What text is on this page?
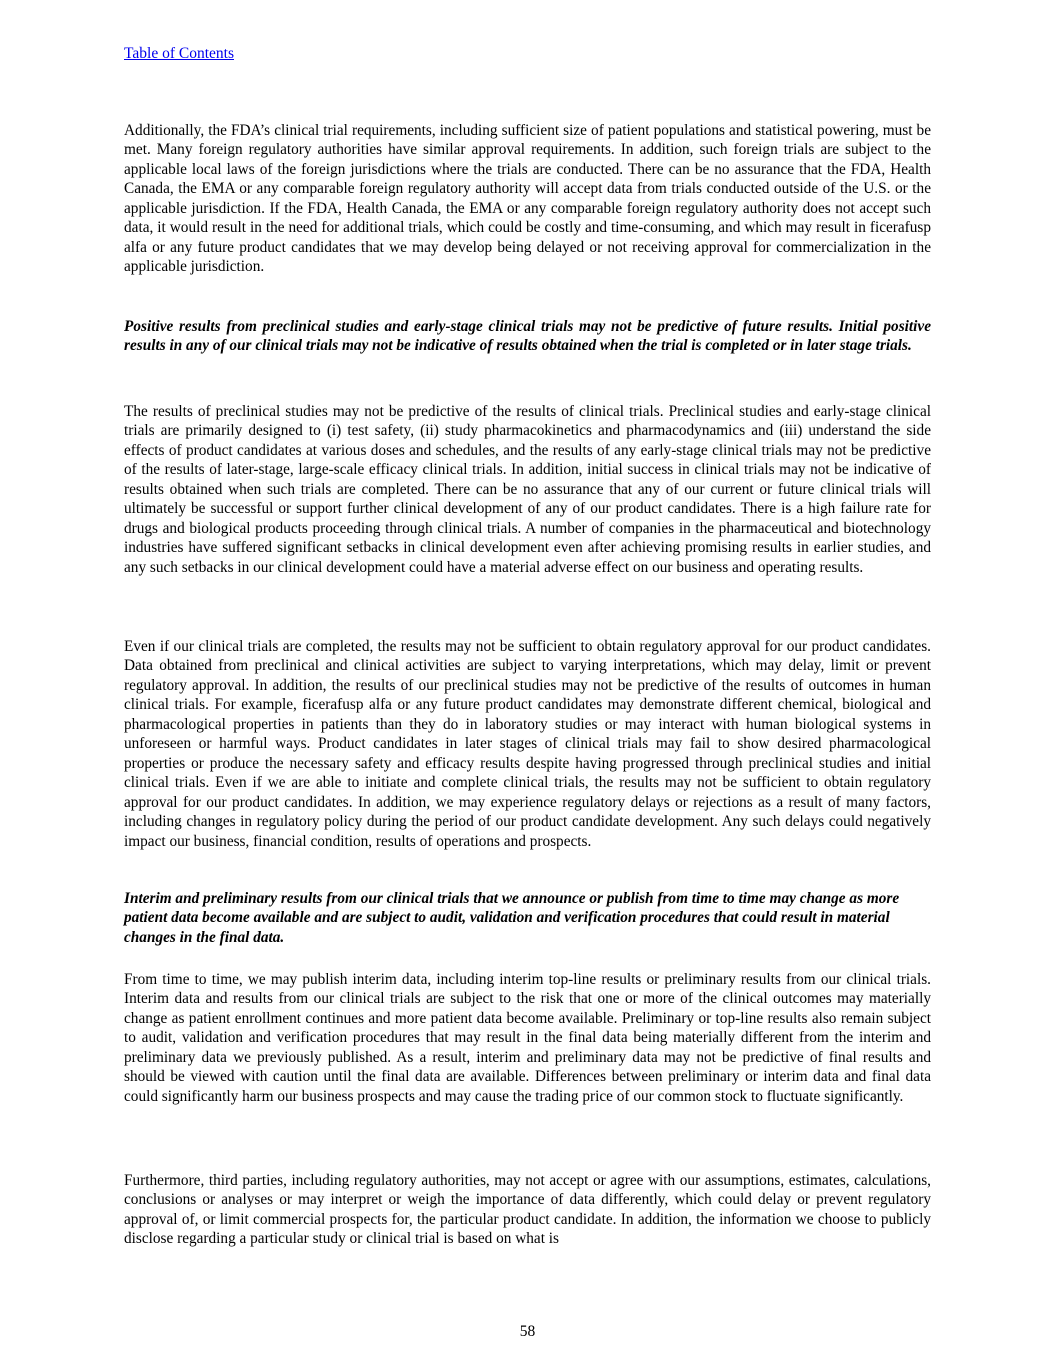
Table of Contents

Additionally, the FDA’s clinical trial requirements, including sufficient size of patient populations and statistical powering, must be met. Many foreign regulatory authorities have similar approval requirements. In addition, such foreign trials are subject to the applicable local laws of the foreign jurisdictions where the trials are conducted. There can be no assurance that the FDA, Health Canada, the EMA or any comparable foreign regulatory authority will accept data from trials conducted outside of the U.S. or the applicable jurisdiction. If the FDA, Health Canada, the EMA or any comparable foreign regulatory authority does not accept such data, it would result in the need for additional trials, which could be costly and time-consuming, and which may result in ficerafusp alfa or any future product candidates that we may develop being delayed or not receiving approval for commercialization in the applicable jurisdiction.

Positive results from preclinical studies and early-stage clinical trials may not be predictive of future results. Initial positive results in any of our clinical trials may not be indicative of results obtained when the trial is completed or in later stage trials.

The results of preclinical studies may not be predictive of the results of clinical trials. Preclinical studies and early-stage clinical trials are primarily designed to (i) test safety, (ii) study pharmacokinetics and pharmacodynamics and (iii) understand the side effects of product candidates at various doses and schedules, and the results of any early-stage clinical trials may not be predictive of the results of later-stage, large-scale efficacy clinical trials. In addition, initial success in clinical trials may not be indicative of results obtained when such trials are completed. There can be no assurance that any of our current or future clinical trials will ultimately be successful or support further clinical development of any of our product candidates. There is a high failure rate for drugs and biological products proceeding through clinical trials. A number of companies in the pharmaceutical and biotechnology industries have suffered significant setbacks in clinical development even after achieving promising results in earlier studies, and any such setbacks in our clinical development could have a material adverse effect on our business and operating results.

Even if our clinical trials are completed, the results may not be sufficient to obtain regulatory approval for our product candidates. Data obtained from preclinical and clinical activities are subject to varying interpretations, which may delay, limit or prevent regulatory approval. In addition, the results of our preclinical studies may not be predictive of the results of outcomes in human clinical trials. For example, ficerafusp alfa or any future product candidates may demonstrate different chemical, biological and pharmacological properties in patients than they do in laboratory studies or may interact with human biological systems in unforeseen or harmful ways. Product candidates in later stages of clinical trials may fail to show desired pharmacological properties or produce the necessary safety and efficacy results despite having progressed through preclinical studies and initial clinical trials. Even if we are able to initiate and complete clinical trials, the results may not be sufficient to obtain regulatory approval for our product candidates. In addition, we may experience regulatory delays or rejections as a result of many factors, including changes in regulatory policy during the period of our product candidate development. Any such delays could negatively impact our business, financial condition, results of operations and prospects.

Interim and preliminary results from our clinical trials that we announce or publish from time to time may change as more patient data become available and are subject to audit, validation and verification procedures that could result in material changes in the final data.

From time to time, we may publish interim data, including interim top-line results or preliminary results from our clinical trials. Interim data and results from our clinical trials are subject to the risk that one or more of the clinical outcomes may materially change as patient enrollment continues and more patient data become available. Preliminary or top-line results also remain subject to audit, validation and verification procedures that may result in the final data being materially different from the interim and preliminary data we previously published. As a result, interim and preliminary data may not be predictive of final results and should be viewed with caution until the final data are available. Differences between preliminary or interim data and final data could significantly harm our business prospects and may cause the trading price of our common stock to fluctuate significantly.

Furthermore, third parties, including regulatory authorities, may not accept or agree with our assumptions, estimates, calculations, conclusions or analyses or may interpret or weigh the importance of data differently, which could delay or prevent regulatory approval of, or limit commercial prospects for, the particular product candidate. In addition, the information we choose to publicly disclose regarding a particular study or clinical trial is based on what is

58
